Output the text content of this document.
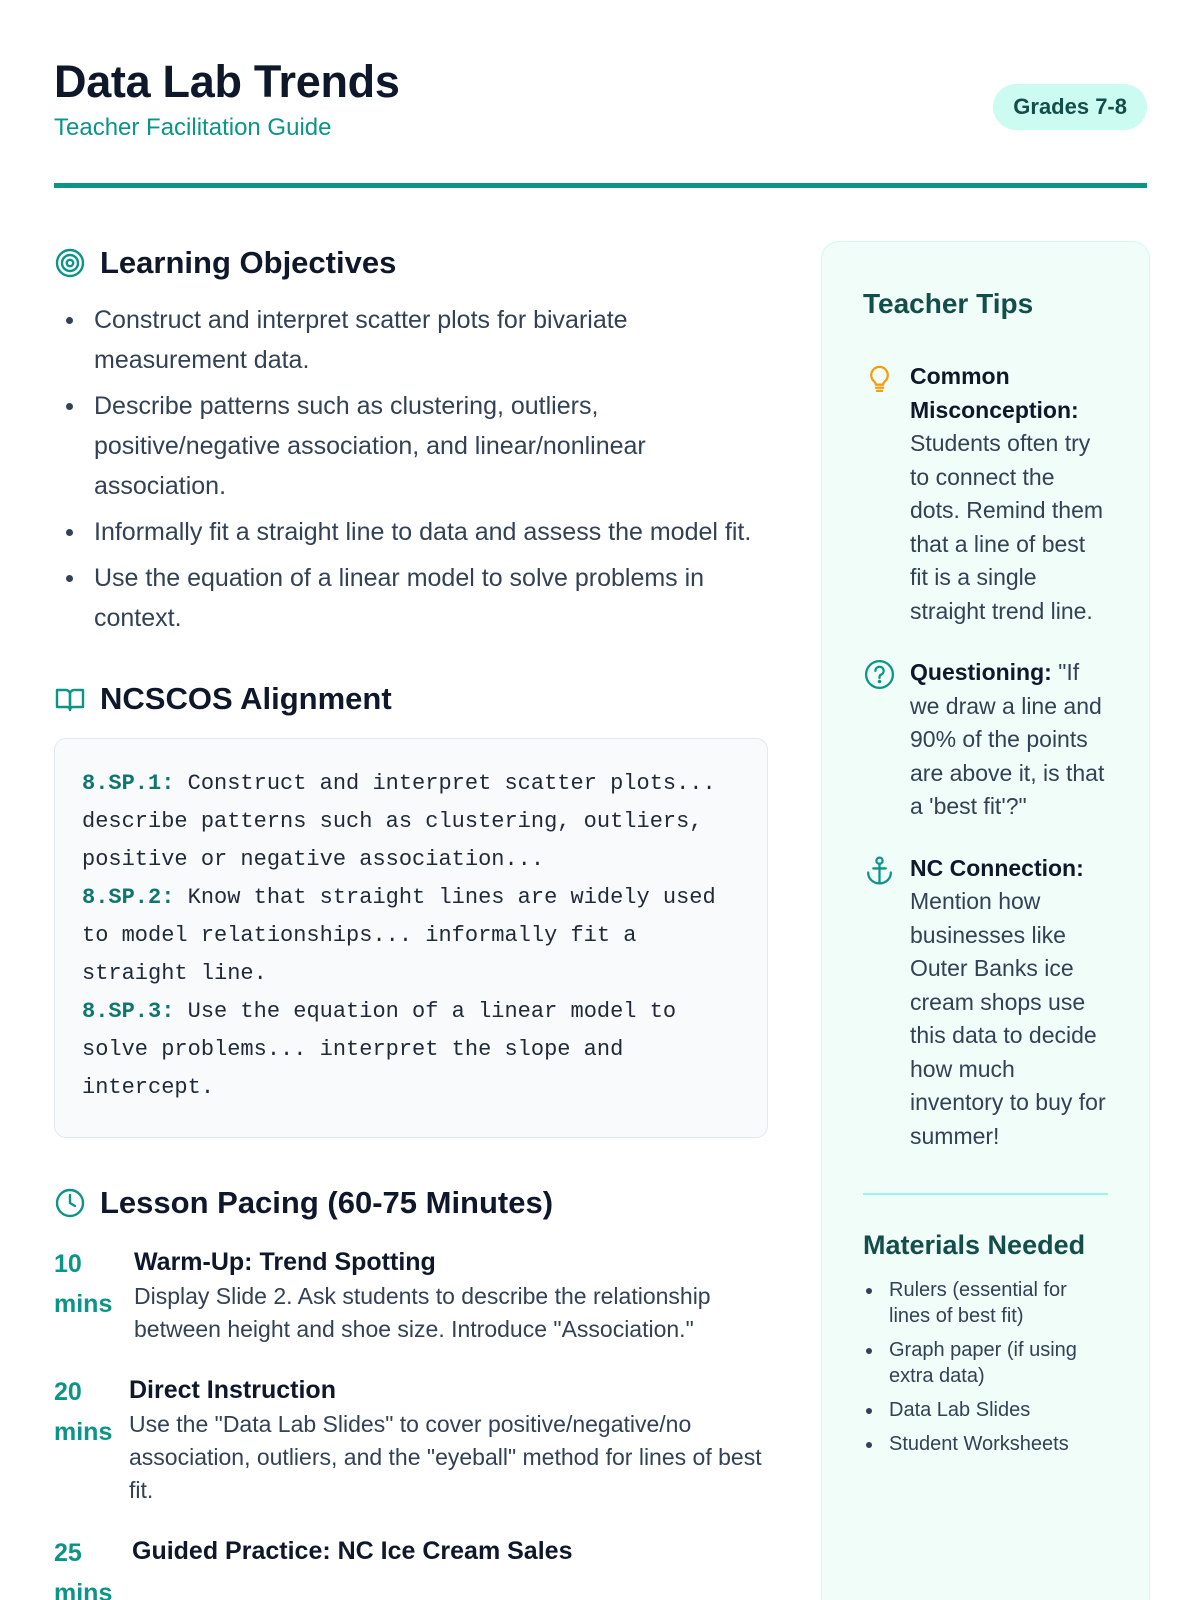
Data Lab Trends
Teacher Facilitation Guide
Grades 7-8
Learning Objectives
Construct and interpret scatter plots for bivariate measurement data.
Describe patterns such as clustering, outliers, positive/negative association, and linear/nonlinear association.
Informally fit a straight line to data and assess the model fit.
Use the equation of a linear model to solve problems in context.
NCSCOS Alignment
8.SP.1: Construct and interpret scatter plots... describe patterns such as clustering, outliers, positive or negative association...
8.SP.2: Know that straight lines are widely used to model relationships... informally fit a straight line.
8.SP.3: Use the equation of a linear model to solve problems... interpret the slope and intercept.
Lesson Pacing (60-75 Minutes)
10 mins
Warm-Up: Trend Spotting
Display Slide 2. Ask students to describe the relationship between height and shoe size. Introduce "Association."
20 mins
Direct Instruction
Use the "Data Lab Slides" to cover positive/negative/no association, outliers, and the "eyeball" method for lines of best fit.
25 mins
Guided Practice: NC Ice Cream Sales
Teacher Tips
Common Misconception: Students often try to connect the dots. Remind them that a line of best fit is a single straight trend line.
Questioning: "If we draw a line and 90% of the points are above it, is that a 'best fit'?"
NC Connection: Mention how businesses like Outer Banks ice cream shops use this data to decide how much inventory to buy for summer!
Materials Needed
Rulers (essential for lines of best fit)
Graph paper (if using extra data)
Data Lab Slides
Student Worksheets
